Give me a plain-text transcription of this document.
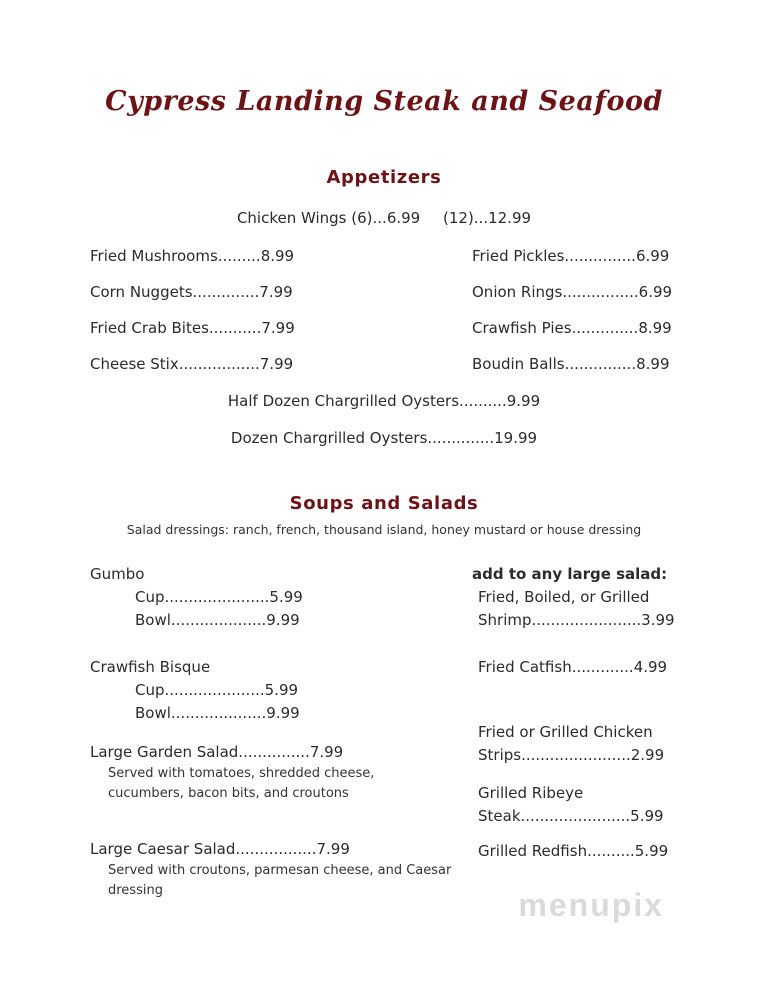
Cypress Landing Steak and Seafood
Appetizers
Chicken Wings (6)...6.99 (12)...12.99
Fried Mushrooms.........8.99
Corn Nuggets..............7.99
Fried Crab Bites...........7.99
Cheese Stix.................7.99
Fried Pickles...............6.99
Onion Rings................6.99
Crawfish Pies..............8.99
Boudin Balls...............8.99
Half Dozen Chargrilled Oysters..........9.99
Dozen Chargrilled Oysters..............19.99
Soups and Salads
Salad dressings: ranch, french, thousand island, honey mustard or house dressing
Gumbo
Cup......................5.99
Bowl....................9.99
Crawfish Bisque
Cup.....................5.99
Bowl....................9.99
Large Garden Salad...............7.99
Served with tomatoes, shredded cheese,
cucumbers, bacon bits, and croutons
Large Caesar Salad.................7.99
Served with croutons, parmesan cheese, and Caesar dressing
add to any large salad:
Fried, Boiled, or Grilled
Shrimp.......................3.99
Fried Catfish.............4.99
Fried or Grilled Chicken
Strips.......................2.99
Grilled Ribeye
Steak.......................5.99
Grilled Redfish..........5.99
menupix
